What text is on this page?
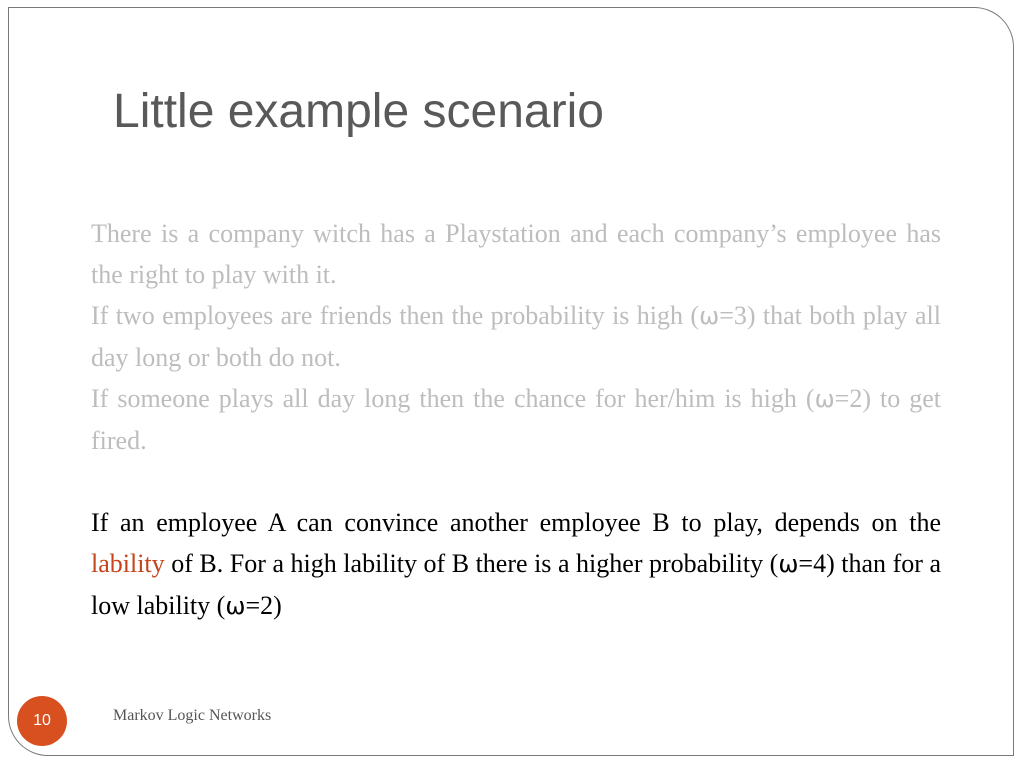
Little example scenario

There is a company witch has a Playstation and each company’s employee has the right to play with it.

If two employees are friends then the probability is high (ω=3) that both play all day long or both do not.

If someone plays all day long then the chance for her/him is high (ω=2) to get fired.

If an employee A can convince another employee B to play, depends on the lability of B. For a high lability of B there is a higher probability (ω=4) than for a low lability (ω=2)

10	Markov Logic Networks
